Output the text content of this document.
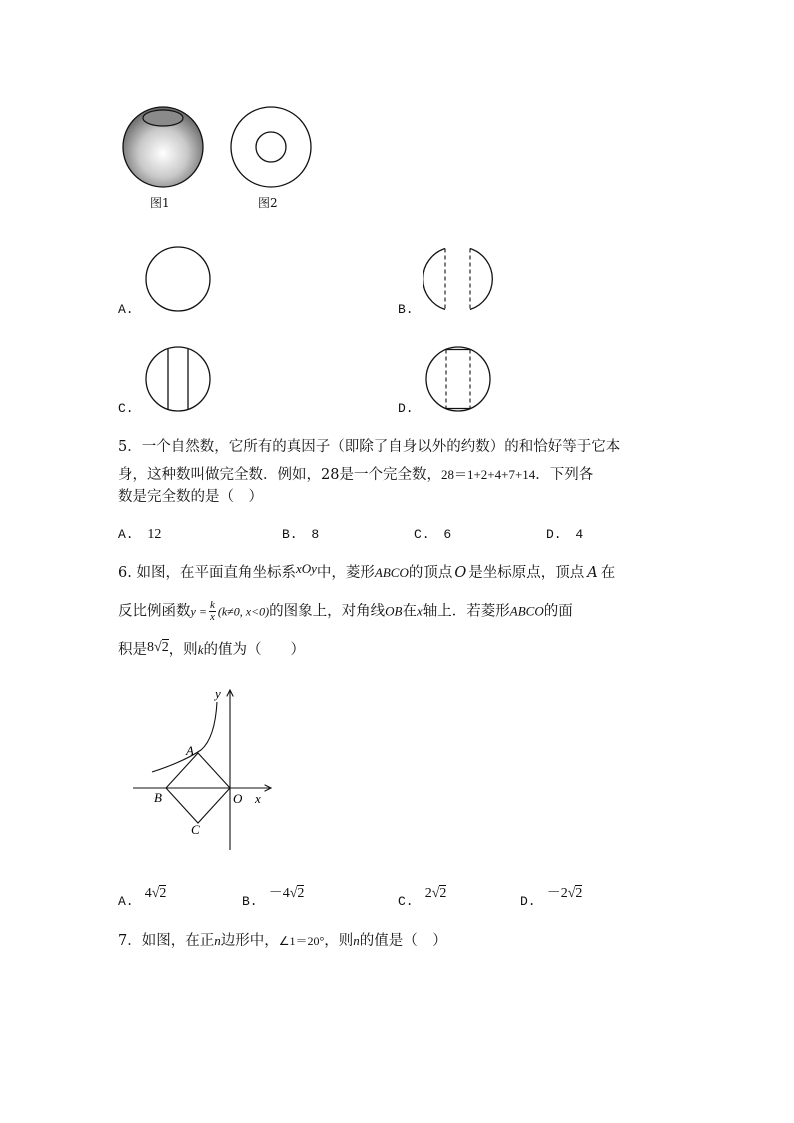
图1	图2
A.	B.
C.	D.
5．一个自然数，它所有的真因子（即除了自身以外的约数）的和恰好等于它本
身，这种数叫做完全数．例如，28是一个完全数，28＝1+2+4+7+14．下列各
数是完全数的是（　）
A. 12	B. 8	C. 6	D. 4
6. 如图，在平面直角坐标系xOy中，菱形ABCO的顶点 O 是坐标原点，顶点 A 在
反比例函数$y = \frac{k}{x} (k\ne 0$, x<0)的图象上，对角线OB在x轴上．若菱形ABCO的面
积是8√2，则k的值为（　　）
y
x
A
B	O
C
$_{A.}$ 4√2
$_{B.}$ －4√2
$_{C.}$ 2√2
$_{D.}$ －2√2
7．如图，在正n边形中，∠1＝20°，则n的值是（　）
